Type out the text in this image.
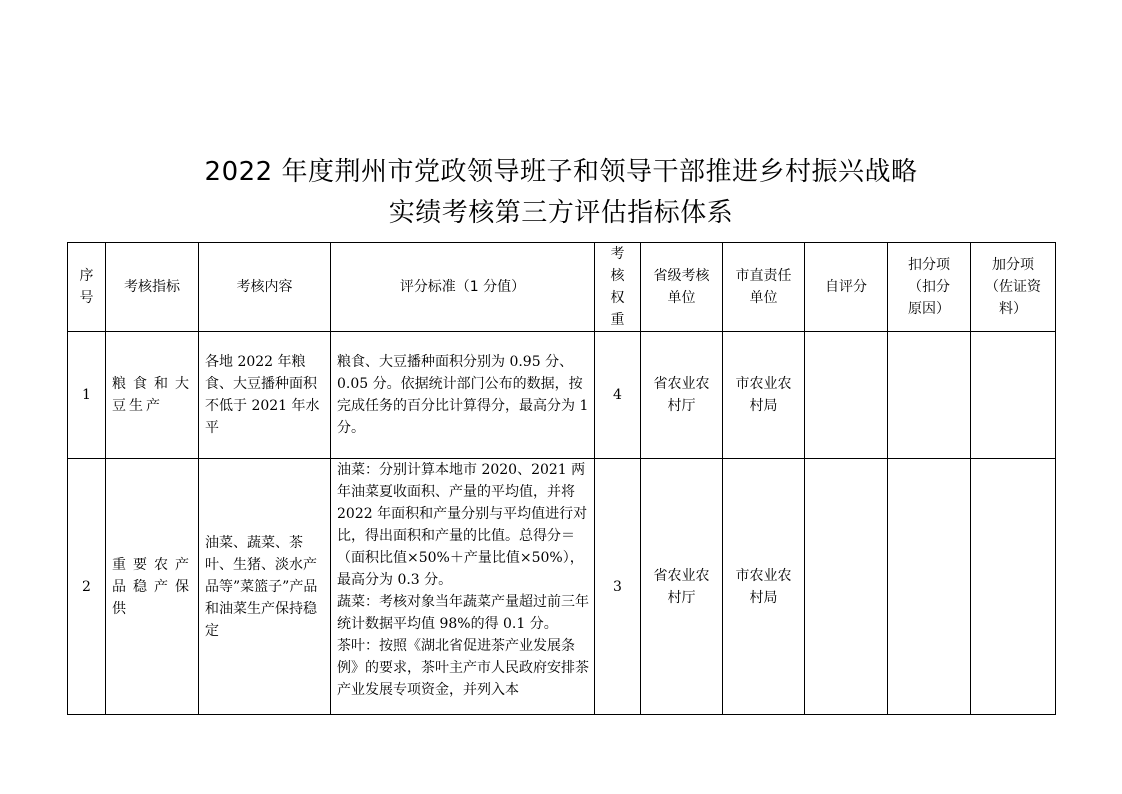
2022 年度荆州市党政领导班子和领导干部推进乡村振兴战略
实绩考核第三方评估指标体系
序号	考核指标	考核内容	评分标准（1 分值）	考核权重	省级考核单位	市直责任单位	自评分	扣分项（扣分原因）	加分项（佐证资料）

1	粮食和大豆生产	各地 2022 年粮食、大豆播种面积不低于 2021 年水平	粮食、大豆播种面积分别为 0.95 分、0.05 分。依据统计部门公布的数据，按完成任务的百分比计算得分，最高分为 1 分。	4	省农业农村厅	市农业农村局			
2	重要农产品稳产保供	油菜、蔬菜、茶叶、生猪、淡水产品等”菜篮子”产品和油菜生产保持稳定	油菜：分别计算本地市 2020、2021 两年油菜夏收面积、产量的平均值，并将 2022 年面积和产量分别与平均值进行对比，得出面积和产量的比值。总得分＝（面积比值×50%＋产量比值×50%），最高分为 0.3 分。

蔬菜：考核对象当年蔬菜产量超过前三年统计数据平均值 98%的得 0.1 分。

茶叶：按照《湖北省促进茶产业发展条例》的要求，茶叶主产市人民政府安排茶产业发展专项资金，并列入本	3	省农业农村厅	市农业农村局			
